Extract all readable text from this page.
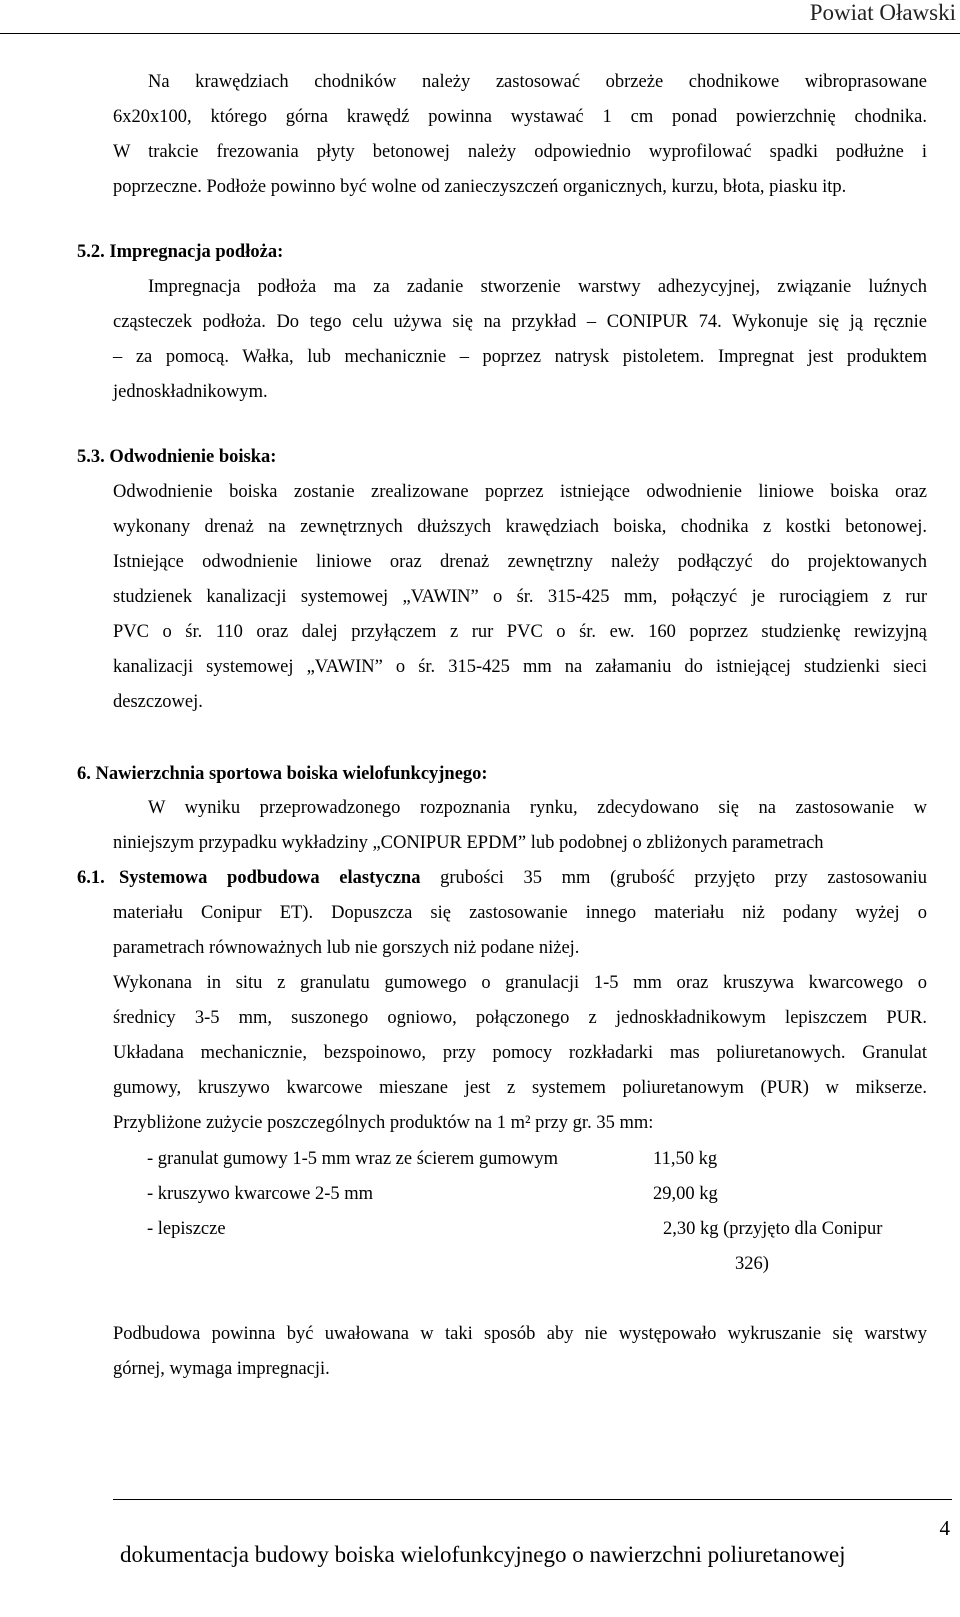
Powiat Oławski
Na krawędziach chodników należy zastosować obrzeże chodnikowe wibroprasowane
6x20x100, którego górna krawędź powinna wystawać 1 cm ponad powierzchnię chodnika.
W trakcie frezowania płyty betonowej należy odpowiednio wyprofilować spadki podłużne i
poprzeczne. Podłoże powinno być wolne od zanieczyszczeń organicznych, kurzu, błota, piasku itp.
5.2. Impregnacja podłoża:
Impregnacja podłoża ma za zadanie stworzenie warstwy adhezycyjnej, związanie luźnych
cząsteczek podłoża. Do tego celu używa się na przykład – CONIPUR 74. Wykonuje się ją ręcznie
– za pomocą. Wałka, lub mechanicznie – poprzez natrysk pistoletem. Impregnat jest produktem
jednoskładnikowym.
5.3. Odwodnienie boiska:
Odwodnienie boiska zostanie zrealizowane poprzez istniejące odwodnienie liniowe boiska oraz
wykonany drenaż na zewnętrznych dłuższych krawędziach boiska, chodnika z kostki betonowej.
Istniejące odwodnienie liniowe oraz drenaż zewnętrzny należy podłączyć do projektowanych
studzienek kanalizacji systemowej „VAWIN” o śr. 315-425 mm, połączyć je rurociągiem z rur
PVC o śr. 110 oraz dalej przyłączem z rur PVC o śr. ew. 160 poprzez studzienkę rewizyjną
kanalizacji systemowej „VAWIN” o śr. 315-425 mm na załamaniu do istniejącej studzienki sieci
deszczowej.
6. Nawierzchnia sportowa boiska wielofunkcyjnego:
W wyniku przeprowadzonego rozpoznania rynku, zdecydowano się na zastosowanie w
niniejszym przypadku wykładziny „CONIPUR EPDM” lub podobnej o zbliżonych parametrach
6.1. Systemowa podbudowa elastyczna grubości 35 mm (grubość przyjęto przy zastosowaniu
materiału Conipur ET). Dopuszcza się zastosowanie innego materiału niż podany wyżej o
parametrach równoważnych lub nie gorszych niż podane niżej.
Wykonana in situ z granulatu gumowego o granulacji 1-5 mm oraz kruszywa kwarcowego o
średnicy 3-5 mm, suszonego ogniowo, połączonego z jednoskładnikowym lepiszczem PUR.
Układana mechanicznie, bezspoinowo, przy pomocy rozkładarki mas poliuretanowych. Granulat
gumowy, kruszywo kwarcowe mieszane jest z systemem poliuretanowym (PUR) w mikserze.
Przybliżone zużycie poszczególnych produktów na 1 m² przy gr. 35 mm:
- granulat gumowy 1-5 mm wraz ze ścierem gumowym	11,50 kg
- kruszywo kwarcowe 2-5 mm	29,00 kg
- lepiszcze	2,30 kg (przyjęto dla Conipur
326)
Podbudowa powinna być uwałowana w taki sposób aby nie występowało wykruszanie się warstwy
górnej, wymaga impregnacji.
4
dokumentacja budowy boiska wielofunkcyjnego o nawierzchni poliuretanowej
